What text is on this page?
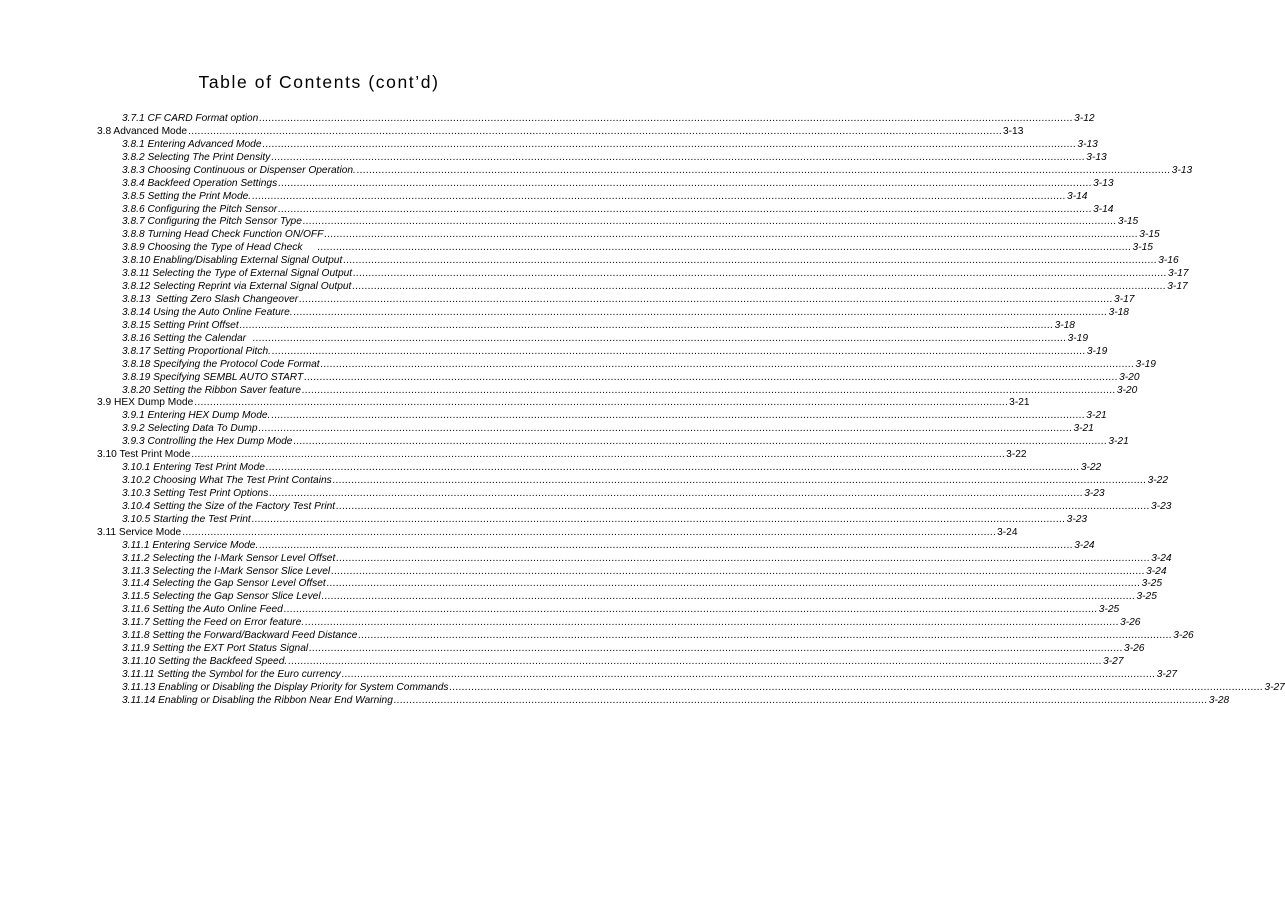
Table of Contents (cont’d)
3.7.1 CF CARD Format option .................................................................................................................................................................................................................................................................... 3-12
3.8 Advanced Mode .................................................................................................................................................................................................................................................................... 3-13
3.8.1 Entering Advanced Mode .................................................................................................................................................................................................................................................................... 3-13
3.8.2 Selecting The Print Density .................................................................................................................................................................................................................................................................... 3-13
3.8.3 Choosing Continuous or Dispenser Operation. .................................................................................................................................................................................................................................................................... 3-13
3.8.4 Backfeed Operation Settings .................................................................................................................................................................................................................................................................... 3-13
3.8.5 Setting the Print Mode. .................................................................................................................................................................................................................................................................... 3-14
3.8.6 Configuring the Pitch Sensor .................................................................................................................................................................................................................................................................... 3-14
3.8.7 Configuring the Pitch Sensor Type .................................................................................................................................................................................................................................................................... 3-15
3.8.8 Turning Head Check Function ON/OFF .................................................................................................................................................................................................................................................................... 3-15
3.8.9 Choosing the Type of Head Check .................................................................................................................................................................................................................................................................... 3-15
3.8.10 Enabling/Disabling External Signal Output .................................................................................................................................................................................................................................................................... 3-16
3.8.11 Selecting the Type of External Signal Output .................................................................................................................................................................................................................................................................... 3-17
3.8.12 Selecting Reprint via External Signal Output .................................................................................................................................................................................................................................................................... 3-17
3.8.13  Setting Zero Slash Changeover .................................................................................................................................................................................................................................................................... 3-17
3.8.14 Using the Auto Online Feature. .................................................................................................................................................................................................................................................................... 3-18
3.8.15 Setting Print Offset .................................................................................................................................................................................................................................................................... 3-18
3.8.16 Setting the Calendar .................................................................................................................................................................................................................................................................... 3-19
3.8.17 Setting Proportional Pitch. .................................................................................................................................................................................................................................................................... 3-19
3.8.18 Specifying the Protocol Code Format .................................................................................................................................................................................................................................................................... 3-19
3.8.19 Specifying SEMBL AUTO START .................................................................................................................................................................................................................................................................... 3-20
3.8.20 Setting the Ribbon Saver feature .................................................................................................................................................................................................................................................................... 3-20
3.9 HEX Dump Mode .................................................................................................................................................................................................................................................................... 3-21
3.9.1 Entering HEX Dump Mode. .................................................................................................................................................................................................................................................................... 3-21
3.9.2 Selecting Data To Dump .................................................................................................................................................................................................................................................................... 3-21
3.9.3 Controlling the Hex Dump Mode .................................................................................................................................................................................................................................................................... 3-21
3.10 Test Print Mode .................................................................................................................................................................................................................................................................... 3-22
3.10.1 Entering Test Print Mode .................................................................................................................................................................................................................................................................... 3-22
3.10.2 Choosing What The Test Print Contains .................................................................................................................................................................................................................................................................... 3-22
3.10.3 Setting Test Print Options .................................................................................................................................................................................................................................................................... 3-23
3.10.4 Setting the Size of the Factory Test Print .................................................................................................................................................................................................................................................................... 3-23
3.10.5 Starting the Test Print .................................................................................................................................................................................................................................................................... 3-23
3.11 Service Mode .................................................................................................................................................................................................................................................................... 3-24
3.11.1 Entering Service Mode. .................................................................................................................................................................................................................................................................... 3-24
3.11.2 Selecting the I-Mark Sensor Level Offset .................................................................................................................................................................................................................................................................... 3-24
3.11.3 Selecting the I-Mark Sensor Slice Level .................................................................................................................................................................................................................................................................... 3-24
3.11.4 Selecting the Gap Sensor Level Offset .................................................................................................................................................................................................................................................................... 3-25
3.11.5 Selecting the Gap Sensor Slice Level .................................................................................................................................................................................................................................................................... 3-25
3.11.6 Setting the Auto Online Feed .................................................................................................................................................................................................................................................................... 3-25
3.11.7 Setting the Feed on Error feature. .................................................................................................................................................................................................................................................................... 3-26
3.11.8 Setting the Forward/Backward Feed Distance .................................................................................................................................................................................................................................................................... 3-26
3.11.9 Setting the EXT Port Status Signal .................................................................................................................................................................................................................................................................... 3-26
3.11.10 Setting the Backfeed Speed. .................................................................................................................................................................................................................................................................... 3-27
3.11.11 Setting the Symbol for the Euro currency .................................................................................................................................................................................................................................................................... 3-27
3.11.13 Enabling or Disabling the Display Priority for System Commands .................................................................................................................................................................................................................................................................... 3-27
3.11.14 Enabling or Disabling the Ribbon Near End Warning .................................................................................................................................................................................................................................................................... 3-28
